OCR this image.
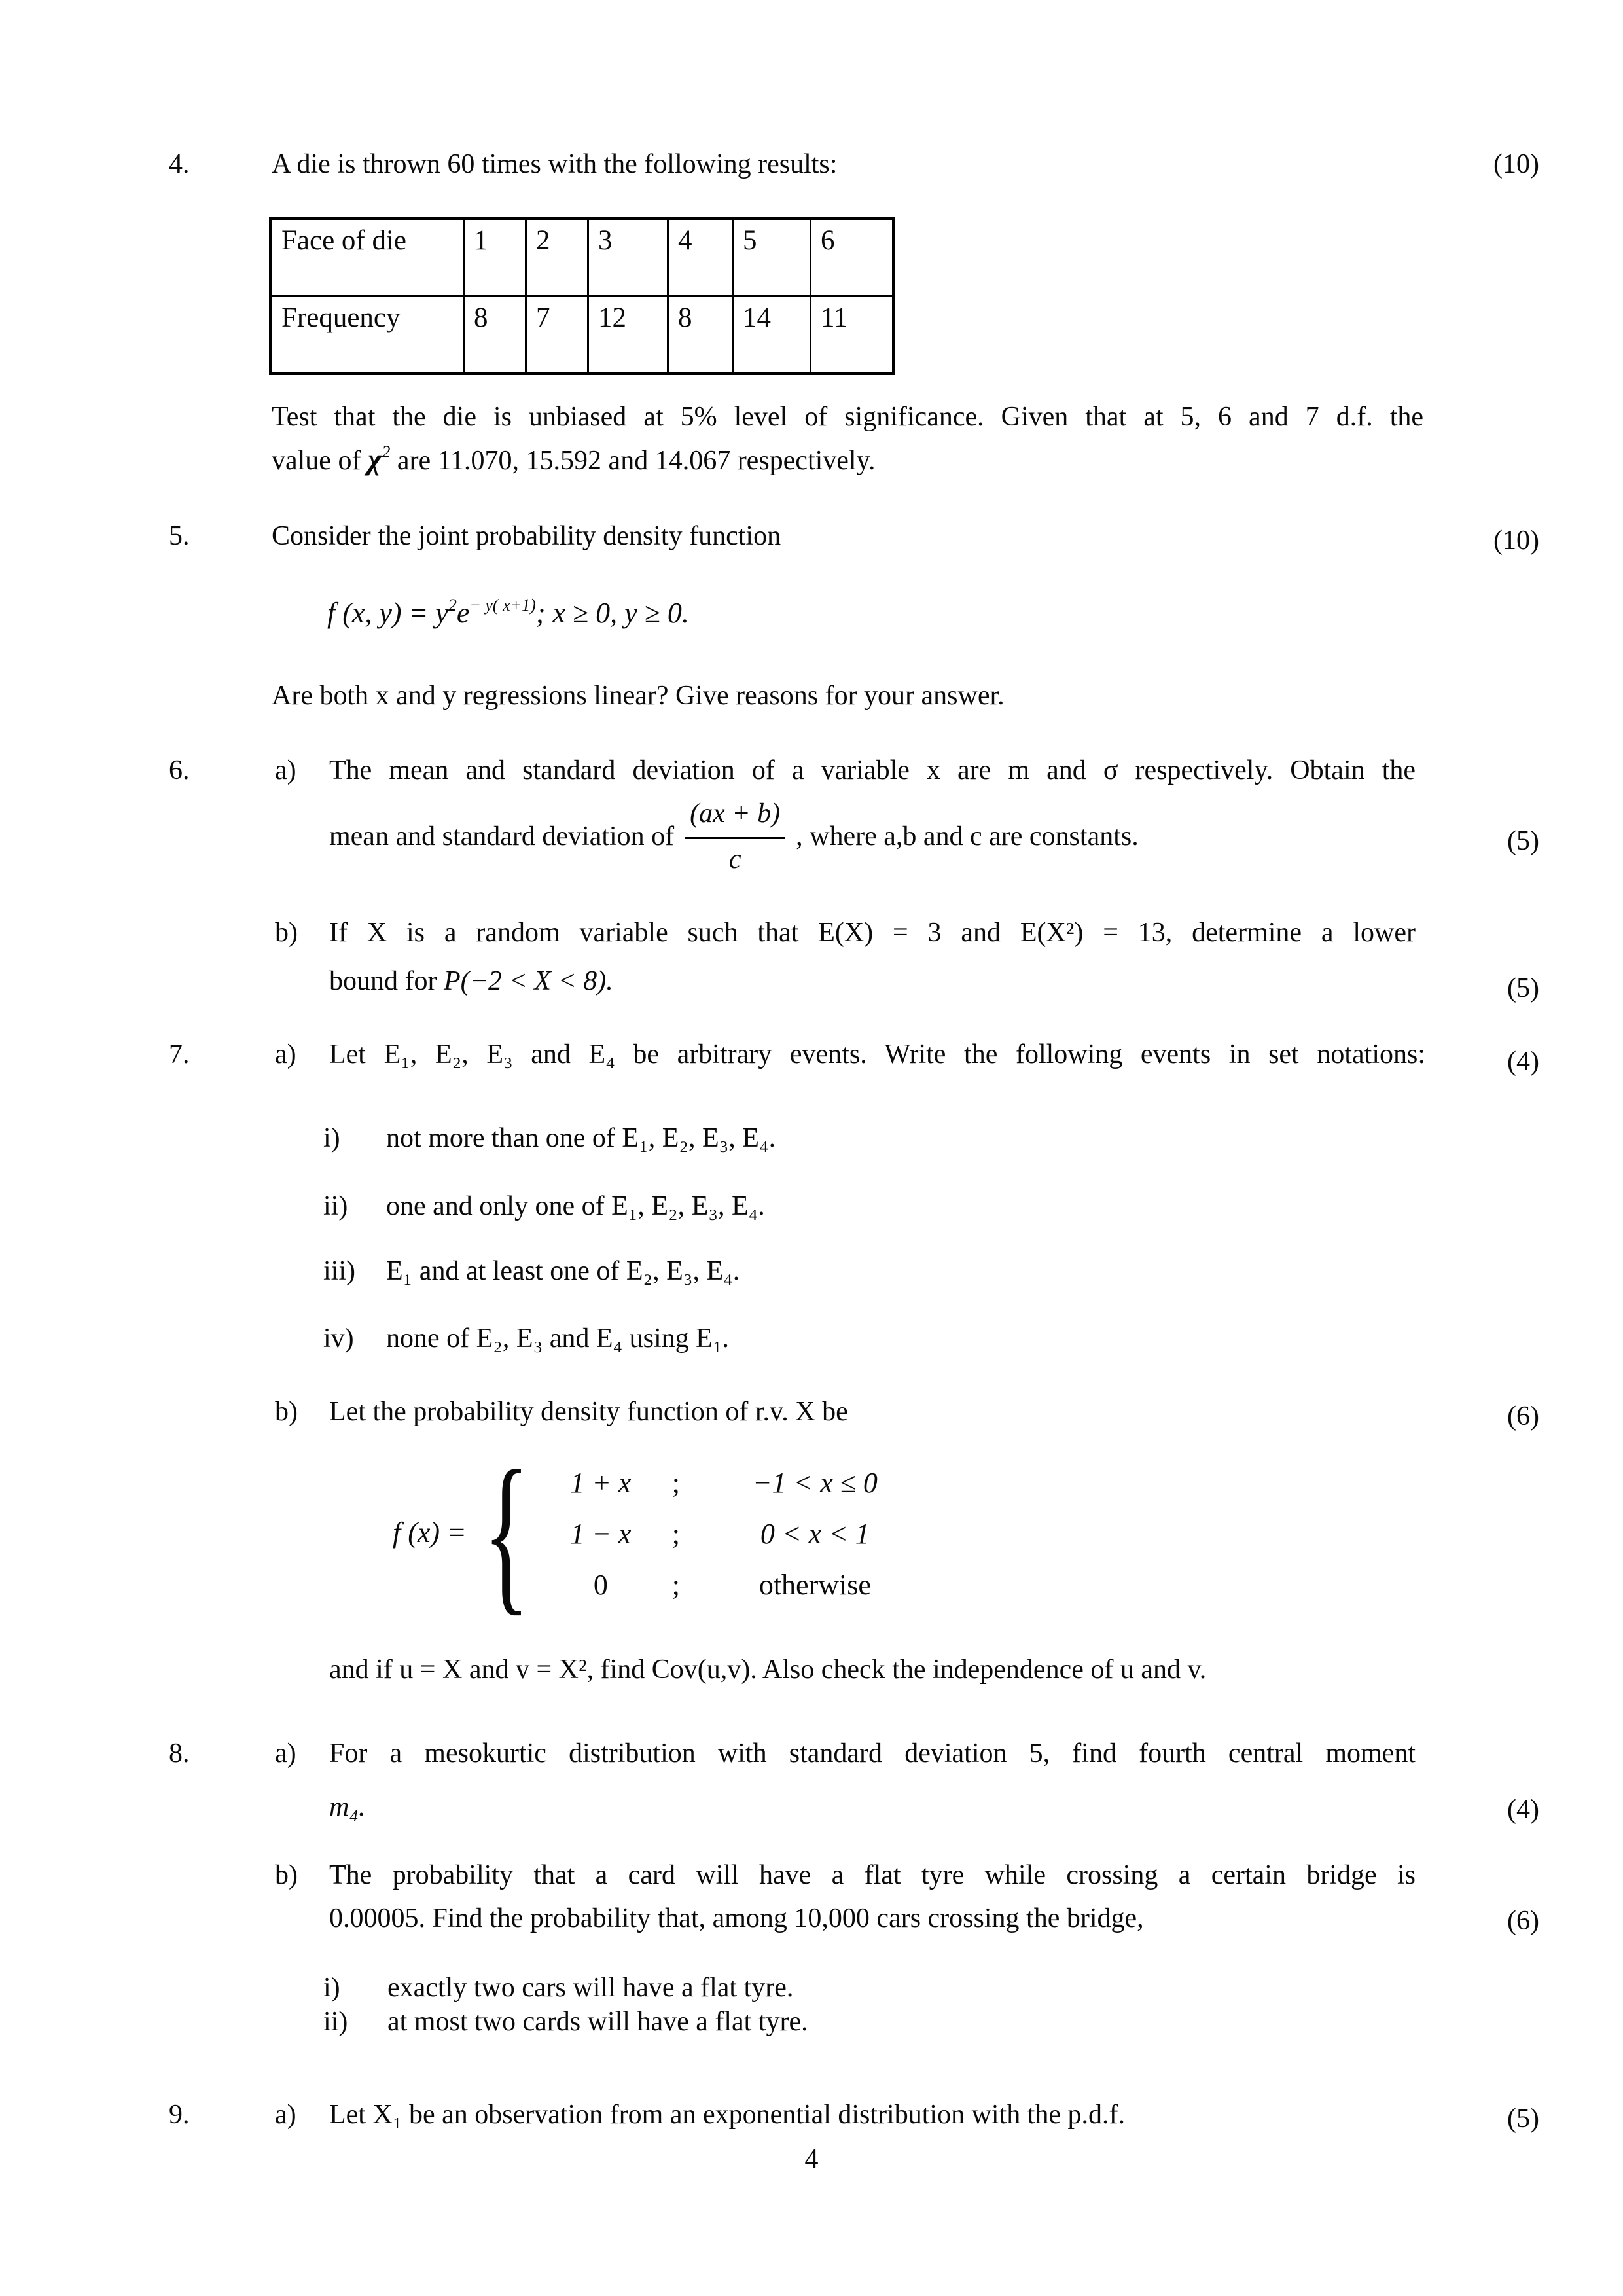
4.	A die is thrown 60 times with the following results:	(10)
Face of die	1	2	3	4	5	6
Frequency	8	7	12	8	14	11
Test that the die is unbiased at 5% level of significance. Given that at 5, 6 and 7 d.f. the
value of $\chi^2$ are 11.070, 15.592 and 14.067 respectively.
5.	Consider the joint probability density function	(10)
f (x, $y) = y^2e^{- y( x+1)}$; x ≥ 0, y ≥ 0.
Are both x and y regressions linear? Give reasons for your answer.
6.	a) The mean and standard deviation of a variable x are m and σ respectively. Obtain the
mean and standard deviation of $\frac{(ax + b)}{c}$ , where a,b and c are constants.	(5)
b) If X is a random variable such that E(X) = 3 and E(X²) = 13, determine a lower
bound for P(−2 < X < 8).	(5)
7.	a) Let E₁, E₂, E₃ and E₄ be arbitrary events. Write the following events in set notations:	(4)
i) not more than one of E₁, E₂, E₃, E₄.
ii) one and only one of E₁, E₂, E₃, E₄.
iii) E₁ and at least one of E₂, E₃, E₄.
iv) none of E₂, E₃ and E₄ using E₁.
b) Let the probability density function of r.v. X be	(6)
f (x) = {	1 + x	;	−1 < x ≤ 0
1 − x	;	0 < x < 1
0	;	otherwise
and if u = X and v = X², find Cov(u,v). Also check the independence of u and v.
8.	a) For a mesokurtic distribution with standard deviation 5, find fourth central moment
m₄.	(4)
b) The probability that a card will have a flat tyre while crossing a certain bridge is
0.00005. Find the probability that, among 10,000 cars crossing the bridge,	(6)
i) exactly two cars will have a flat tyre.
ii) at most two cards will have a flat tyre.
9.	a) Let X₁ be an observation from an exponential distribution with the p.d.f.	(5)
4
